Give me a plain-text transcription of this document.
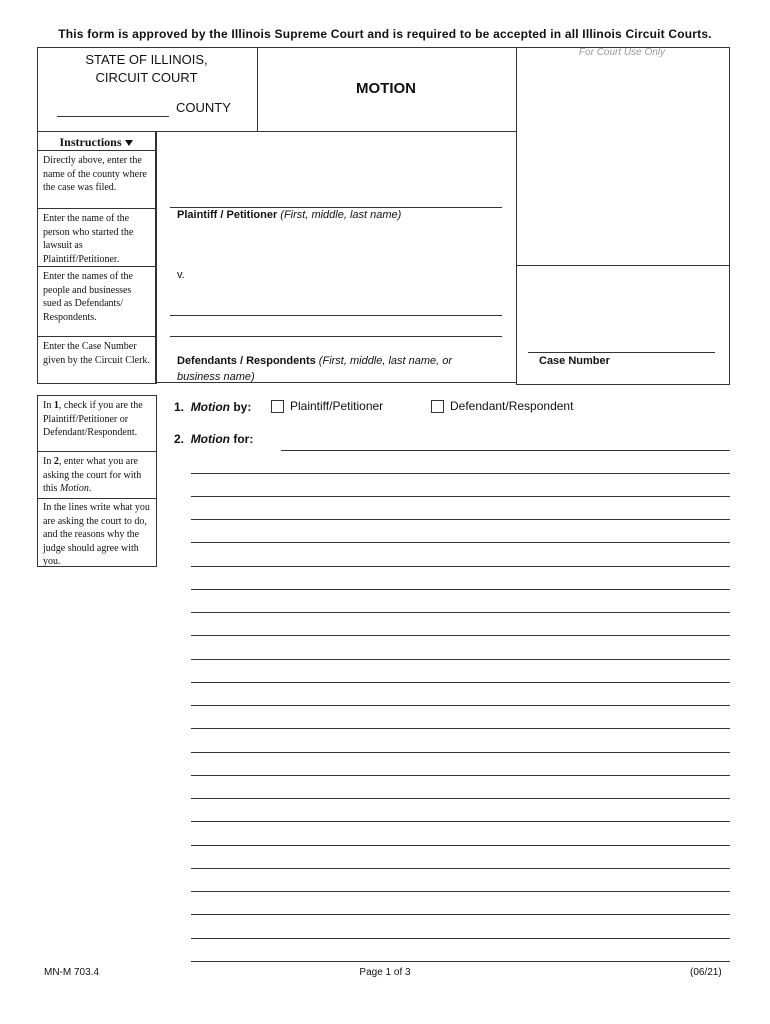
This form is approved by the Illinois Supreme Court and is required to be accepted in all Illinois Circuit Courts.
STATE OF ILLINOIS,
CIRCUIT COURT
COUNTY
MOTION
For Court Use Only
Instructions
Directly above, enter the name of the county where the case was filed.
Enter the name of the person who started the lawsuit as Plaintiff/Petitioner.
Enter the names of the people and businesses sued as Defendants/ Respondents.
Enter the Case Number given by the Circuit Clerk.
In 1, check if you are the Plaintiff/Petitioner or Defendant/Respondent.
In 2, enter what you are asking the court for with this Motion.
In the lines write what you are asking the court to do, and the reasons why the judge should agree with you.
Plaintiff / Petitioner (First, middle, last name)
v.
Defendants / Respondents (First, middle, last name, or business name)
Case Number
1. Motion by:	Plaintiff/Petitioner	Defendant/Respondent
2. Motion for:
MN-M 703.4	Page 1 of 3	(06/21)
